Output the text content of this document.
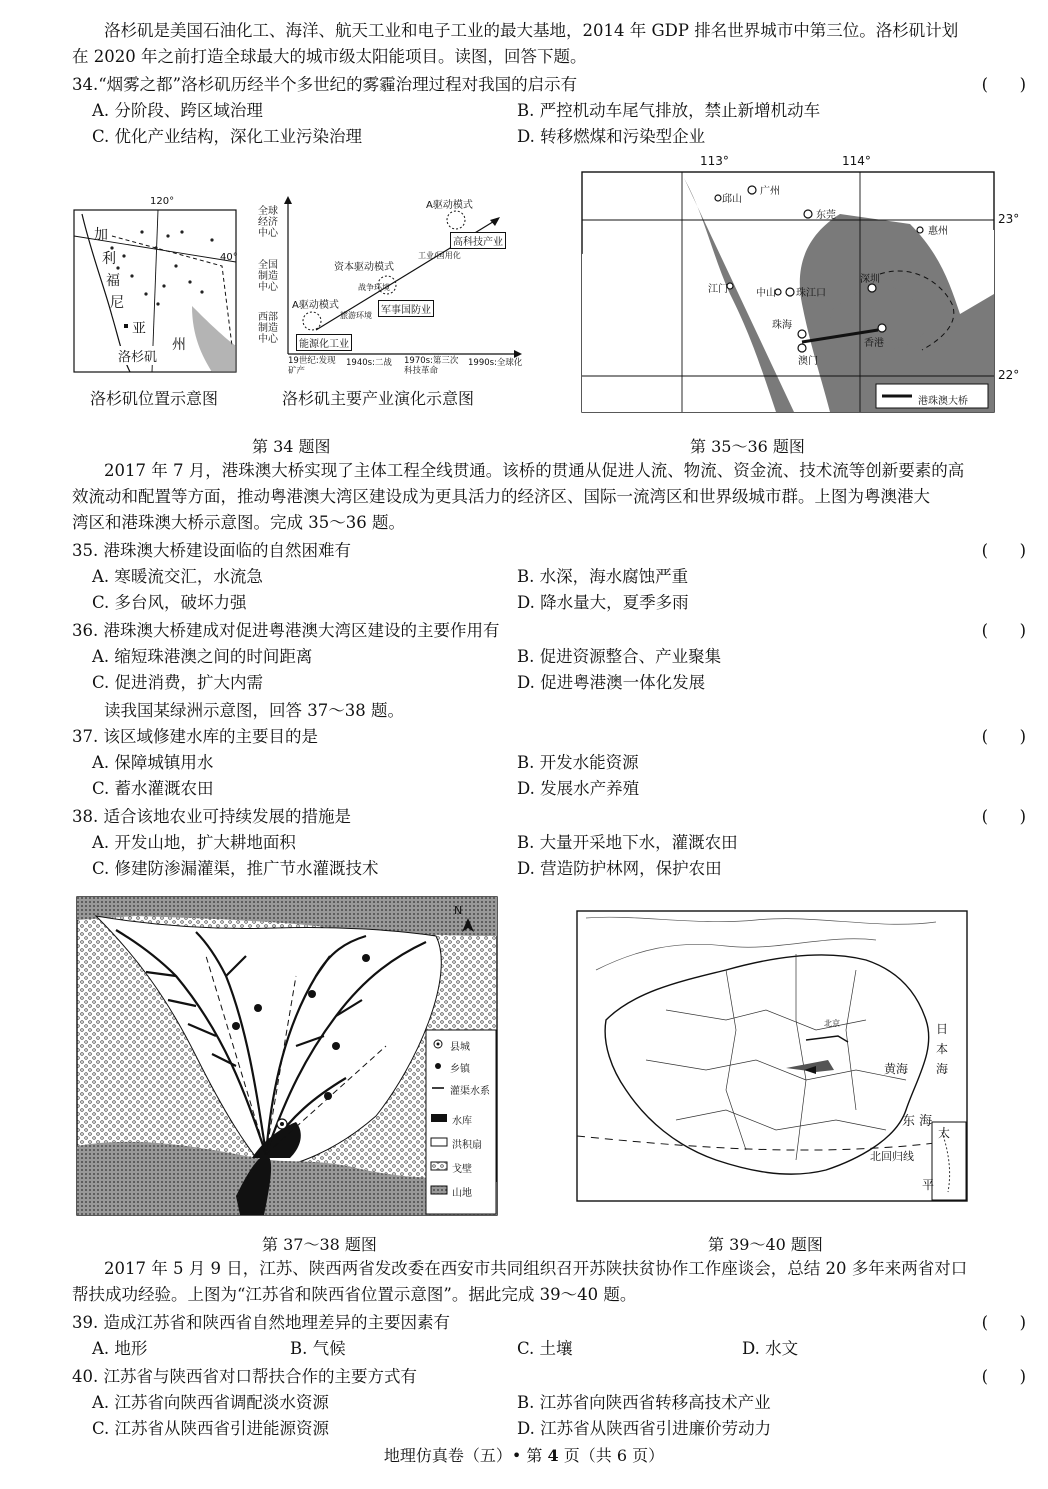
洛杉矶是美国石油化工、海洋、航天工业和电子工业的最大基地，2014 年 GDP 排名世界城市中第三位。洛杉矶计划
在 2020 年之前打造全球最大的城市级太阳能项目。读图，回答下题。
34.“烟雾之都”洛杉矶历经半个多世纪的雾霾治理过程对我国的启示有	(      )
A. 分阶段、跨区域治理	B. 严控机动车尾气排放，禁止新增机动车
C. 优化产业结构，深化工业污染治理	D. 转移燃煤和污染型企业
120°
40°
加
利
福
尼
亚
州
洛杉矶
洛杉矶位置示意图
全球经济中心
全国制造中心
西部制造中心	能源化工业
军事国防业
高科技产业
A驱动模式
资本驱动模式
A驱动模式
旅游环境
战争环境
工业/国用化
19世纪:发现矿产
1940s:二战 1970s:第三次科技革命
1990s:全球化
洛杉矶主要产业演化示意图
第 34 题图
113°	114°
23°
22°
广州
东莞
邱山
惠州
江门	中山 珠江口
深圳
珠海
澳门
香港
港珠澳大桥
第 35～36 题图
2017 年 7 月，港珠澳大桥实现了主体工程全线贯通。该桥的贯通从促进人流、物流、资金流、技术流等创新要素的高
效流动和配置等方面，推动粤港澳大湾区建设成为更具活力的经济区、国际一流湾区和世界级城市群。上图为粤澳港大
湾区和港珠澳大桥示意图。完成 35～36 题。
35. 港珠澳大桥建设面临的自然困难有	(      )
A. 寒暖流交汇，水流急	B. 水深，海水腐蚀严重
C. 多台风，破坏力强	D. 降水量大，夏季多雨
36. 港珠澳大桥建成对促进粤港澳大湾区建设的主要作用有	(      )
A. 缩短珠港澳之间的时间距离	B. 促进资源整合、产业聚集
C. 促进消费，扩大内需	D. 促进粤港澳一体化发展
读我国某绿洲示意图，回答 37～38 题。
37. 该区域修建水库的主要目的是	(      )
A. 保障城镇用水	B. 开发水能资源
C. 蓄水灌溉农田	D. 发展水产养殖
38. 适合该地农业可持续发展的措施是	(      )
A. 开发山地，扩大耕地面积	B. 大量开采地下水，灌溉农田
C. 修建防渗漏灌渠，推广节水灌溉技术	D. 营造防护林网，保护农田
N
县城
乡镇
灌渠水系
水库
洪积扇
戈壁
山地
第 37～38 题图
北京
黄海
东 海
北回归线
日
本
海
太
平
第 39～40 题图
2017 年 5 月 9 日，江苏、陕西两省发改委在西安市共同组织召开苏陕扶贫协作工作座谈会，总结 20 多年来两省对口
帮扶成功经验。上图为“江苏省和陕西省位置示意图”。据此完成 39～40 题。
39. 造成江苏省和陕西省自然地理差异的主要因素有	(      )
A. 地形	B. 气候	C. 土壤	D. 水文
40. 江苏省与陕西省对口帮扶合作的主要方式有	(      )
A. 江苏省向陕西省调配淡水资源	B. 江苏省向陕西省转移高技术产业
C. 江苏省从陕西省引进能源资源	D. 江苏省从陕西省引进廉价劳动力
地理仿真卷（五）• 第 4 页（共 6 页）
